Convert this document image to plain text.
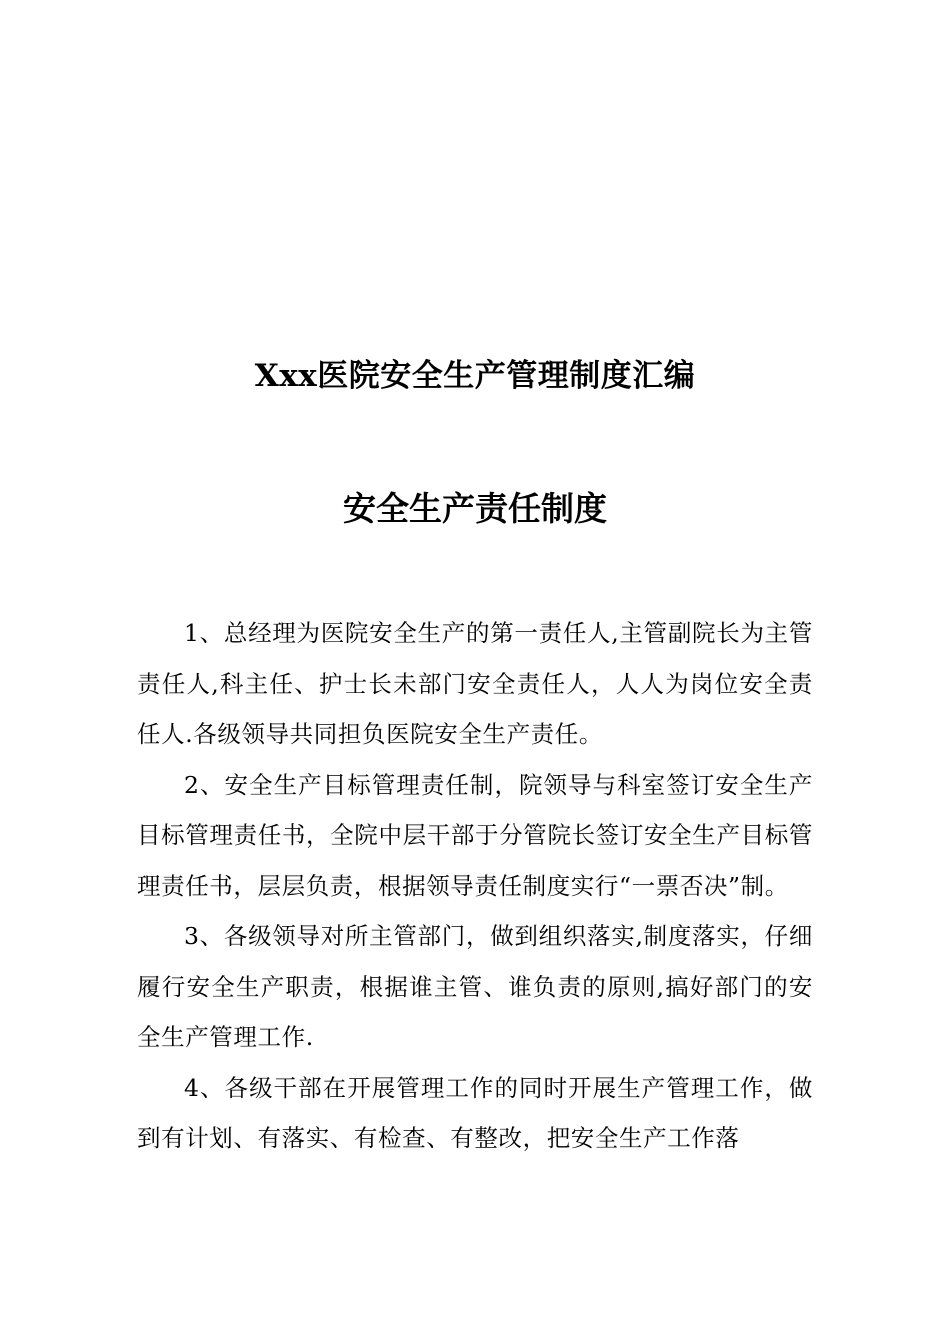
Xxx医院安全生产管理制度汇编
安全生产责任制度

1、总经理为医院安全生产的第一责任人,主管副院长为主管责任人,科主任、护士长未部门安全责任人，人人为岗位安全责任人.各级领导共同担负医院安全生产责任。

2、安全生产目标管理责任制，院领导与科室签订安全生产目标管理责任书，全院中层干部于分管院长签订安全生产目标管理责任书，层层负责，根据领导责任制度实行“一票否决”制。

3、各级领导对所主管部门，做到组织落实,制度落实，仔细履行安全生产职责，根据谁主管、谁负责的原则,搞好部门的安全生产管理工作.

4、各级干部在开展管理工作的同时开展生产管理工作，做到有计划、有落实、有检查、有整改，把安全生产工作落
